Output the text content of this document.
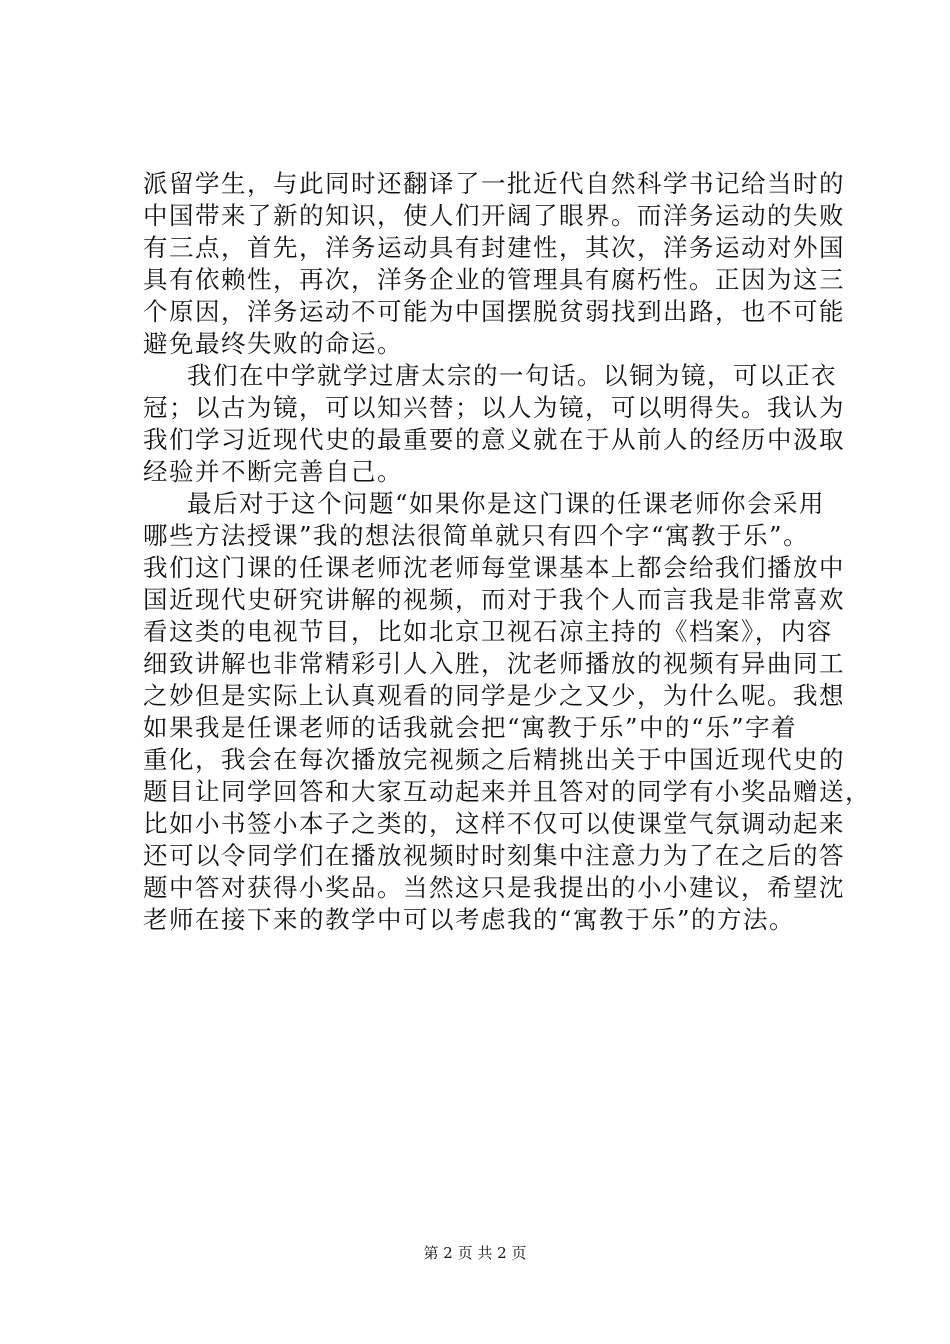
派留学生，与此同时还翻译了一批近代自然科学书记给当时的
中国带来了新的知识，使人们开阔了眼界。而洋务运动的失败
有三点，首先，洋务运动具有封建性，其次，洋务运动对外国
具有依赖性，再次，洋务企业的管理具有腐朽性。正因为这三
个原因，洋务运动不可能为中国摆脱贫弱找到出路，也不可能
避免最终失败的命运。
我们在中学就学过唐太宗的一句话。以铜为镜，可以正衣
冠；以古为镜，可以知兴替；以人为镜，可以明得失。我认为
我们学习近现代史的最重要的意义就在于从前人的经历中汲取
经验并不断完善自己。
最后对于这个问题“如果你是这门课的任课老师你会采用
哪些方法授课”我的想法很简单就只有四个字“寓教于乐”。
我们这门课的任课老师沈老师每堂课基本上都会给我们播放中
国近现代史研究讲解的视频，而对于我个人而言我是非常喜欢
看这类的电视节目，比如北京卫视石凉主持的《档案》，内容
细致讲解也非常精彩引人入胜，沈老师播放的视频有异曲同工
之妙但是实际上认真观看的同学是少之又少，为什么呢。我想
如果我是任课老师的话我就会把“寓教于乐”中的“乐”字着
重化，我会在每次播放完视频之后精挑出关于中国近现代史的
题目让同学回答和大家互动起来并且答对的同学有小奖品赠送，
比如小书签小本子之类的，这样不仅可以使课堂气氛调动起来
还可以令同学们在播放视频时时刻集中注意力为了在之后的答
题中答对获得小奖品。当然这只是我提出的小小建议，希望沈
老师在接下来的教学中可以考虑我的“寓教于乐”的方法。
第 2 页 共 2 页
